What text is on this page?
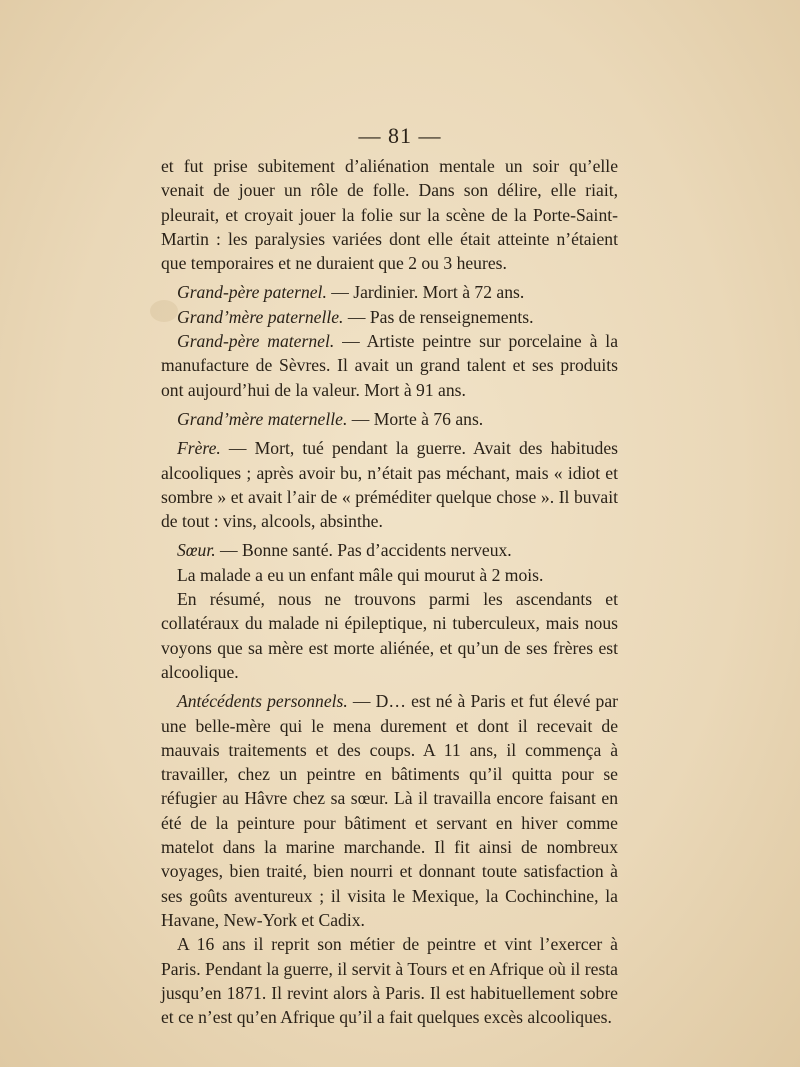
— 81 —

et fut prise subitement d’aliénation mentale un soir qu’elle venait de jouer un rôle de folle. Dans son délire, elle riait, pleurait, et croyait jouer la folie sur la scène de la Porte-Saint-Martin : les paralysies variées dont elle était atteinte n’étaient que temporaires et ne duraient que 2 ou 3 heures.

Grand-père paternel. — Jardinier. Mort à 72 ans.

Grand’mère paternelle. — Pas de renseignements.

Grand-père maternel. — Artiste peintre sur porcelaine à la manufacture de Sèvres. Il avait un grand talent et ses produits ont aujourd’hui de la valeur. Mort à 91 ans.

Grand’mère maternelle. — Morte à 76 ans.

Frère. — Mort, tué pendant la guerre. Avait des habitudes alcooliques ; après avoir bu, n’était pas méchant, mais « idiot et sombre » et avait l’air de « préméditer quelque chose ». Il buvait de tout : vins, alcools, absinthe.

Sœur. — Bonne santé. Pas d’accidents nerveux.

La malade a eu un enfant mâle qui mourut à 2 mois.

En résumé, nous ne trouvons parmi les ascendants et collatéraux du malade ni épileptique, ni tuberculeux, mais nous voyons que sa mère est morte aliénée, et qu’un de ses frères est alcoolique.

Antécédents personnels. — D… est né à Paris et fut élevé par une belle-mère qui le mena durement et dont il recevait de mauvais traitements et des coups. A 11 ans, il commença à travailler, chez un peintre en bâtiments qu’il quitta pour se réfugier au Hâvre chez sa sœur. Là il travailla encore faisant en été de la peinture pour bâtiment et servant en hiver comme matelot dans la marine marchande. Il fit ainsi de nombreux voyages, bien traité, bien nourri et donnant toute satisfaction à ses goûts aventureux ; il visita le Mexique, la Cochinchine, la Havane, New-York et Cadix.

A 16 ans il reprit son métier de peintre et vint l’exercer à Paris. Pendant la guerre, il servit à Tours et en Afrique où il resta jusqu’en 1871. Il revint alors à Paris. Il est habituellement sobre et ce n’est qu’en Afrique qu’il a fait quelques excès alcooliques.
